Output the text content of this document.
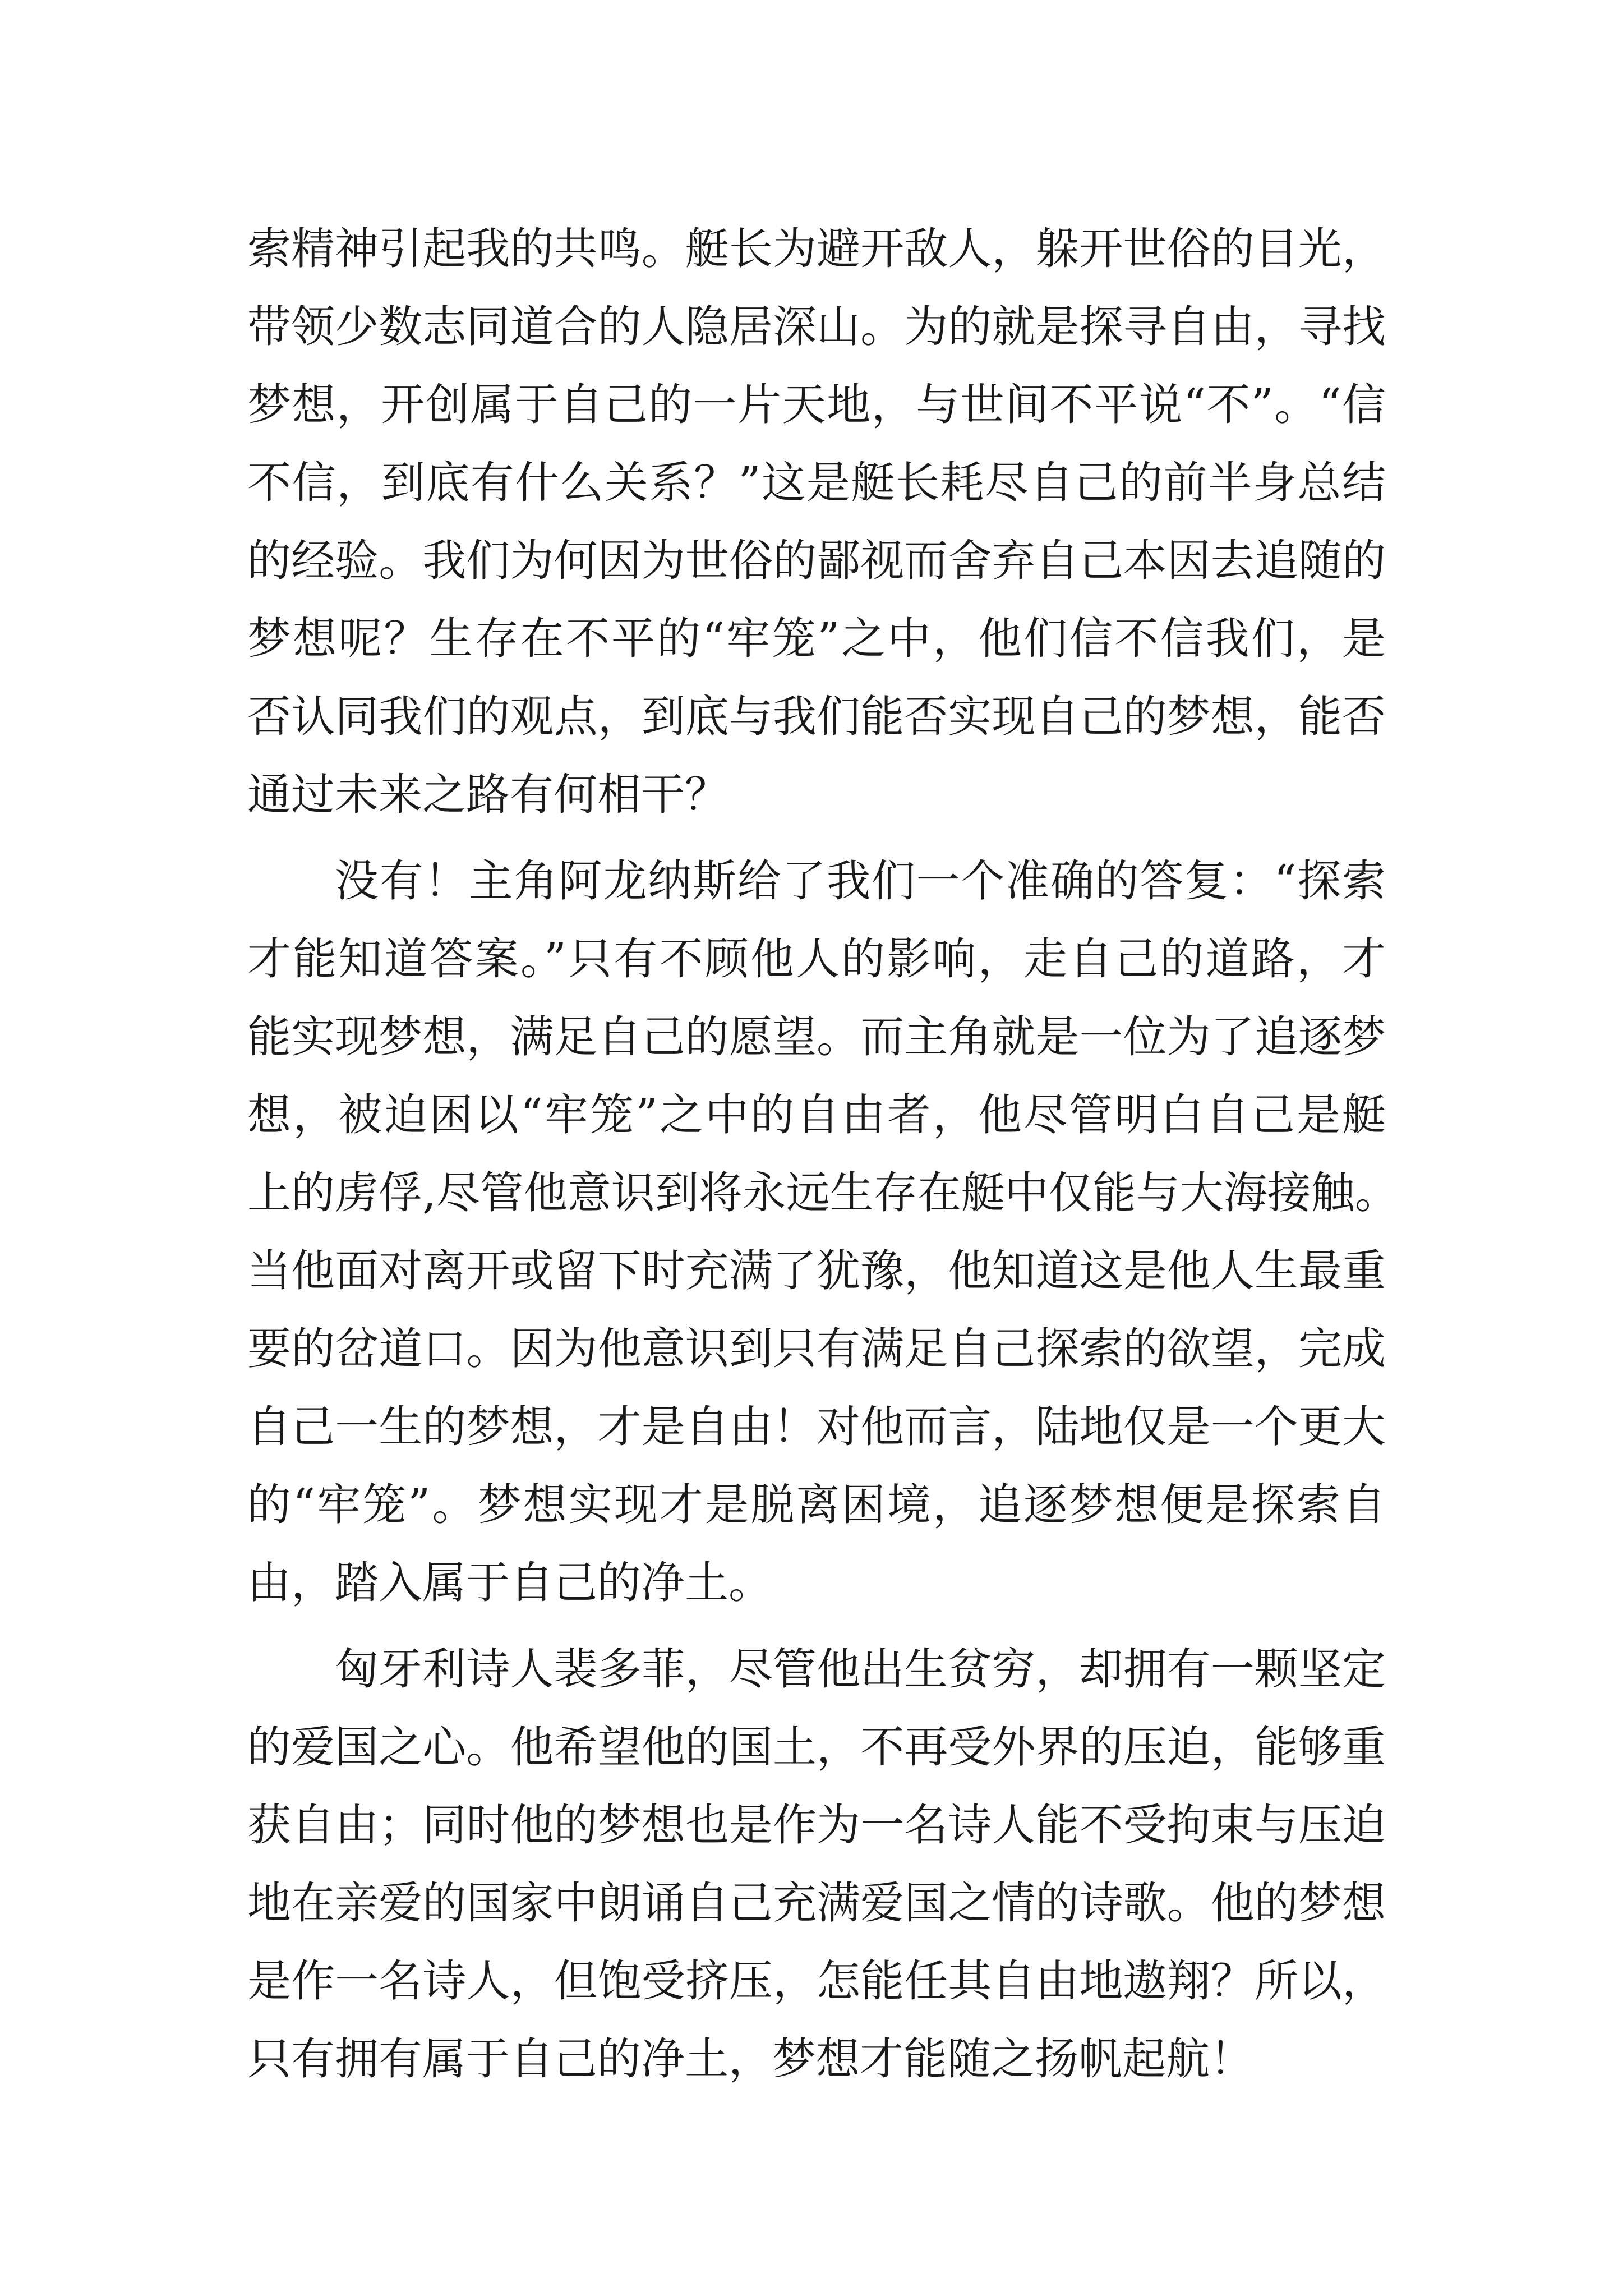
索精神引起我的共鸣。艇长为避开敌人，躲开世俗的目光，
带领少数志同道合的人隐居深山。为的就是探寻自由，寻找
梦想，开创属于自己的一片天地，与世间不平说“不”。“信
不信，到底有什么关系？”这是艇长耗尽自己的前半身总结
的经验。我们为何因为世俗的鄙视而舍弃自己本因去追随的
梦想呢？生存在不平的“牢笼”之中，他们信不信我们，是
否认同我们的观点，到底与我们能否实现自己的梦想，能否
通过未来之路有何相干？
没有！主角阿龙纳斯给了我们一个准确的答复：“探索
才能知道答案。”只有不顾他人的影响，走自己的道路，才
能实现梦想，满足自己的愿望。而主角就是一位为了追逐梦
想，被迫困以“牢笼”之中的自由者，他尽管明白自己是艇
上的虏俘,尽管他意识到将永远生存在艇中仅能与大海接触。
当他面对离开或留下时充满了犹豫，他知道这是他人生最重
要的岔道口。因为他意识到只有满足自己探索的欲望，完成
自己一生的梦想，才是自由！对他而言，陆地仅是一个更大
的“牢笼”。梦想实现才是脱离困境，追逐梦想便是探索自
由，踏入属于自己的净土。
匈牙利诗人裴多菲，尽管他出生贫穷，却拥有一颗坚定
的爱国之心。他希望他的国土，不再受外界的压迫，能够重
获自由；同时他的梦想也是作为一名诗人能不受拘束与压迫
地在亲爱的国家中朗诵自己充满爱国之情的诗歌。他的梦想
是作一名诗人，但饱受挤压，怎能任其自由地遨翔？所以，
只有拥有属于自己的净土，梦想才能随之扬帆起航！
